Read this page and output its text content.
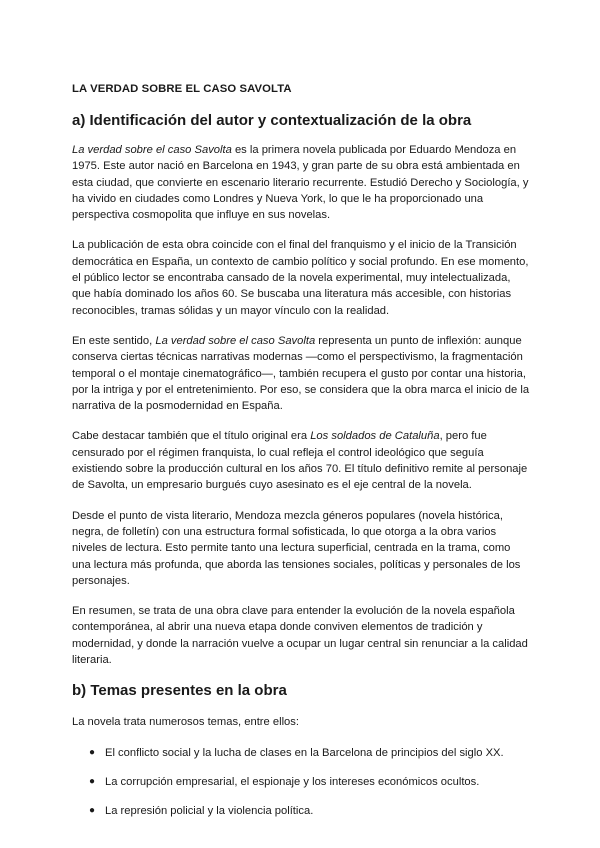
LA VERDAD SOBRE EL CASO SAVOLTA
a) Identificación del autor y contextualización de la obra

La verdad sobre el caso Savolta es la primera novela publicada por Eduardo Mendoza en 1975. Este autor nació en Barcelona en 1943, y gran parte de su obra está ambientada en esta ciudad, que convierte en escenario literario recurrente. Estudió Derecho y Sociología, y ha vivido en ciudades como Londres y Nueva York, lo que le ha proporcionado una perspectiva cosmopolita que influye en sus novelas.

La publicación de esta obra coincide con el final del franquismo y el inicio de la Transición democrática en España, un contexto de cambio político y social profundo. En ese momento, el público lector se encontraba cansado de la novela experimental, muy intelectualizada, que había dominado los años 60. Se buscaba una literatura más accesible, con historias reconocibles, tramas sólidas y un mayor vínculo con la realidad.

En este sentido, La verdad sobre el caso Savolta representa un punto de inflexión: aunque conserva ciertas técnicas narrativas modernas —como el perspectivismo, la fragmentación temporal o el montaje cinematográfico—, también recupera el gusto por contar una historia, por la intriga y por el entretenimiento. Por eso, se considera que la obra marca el inicio de la narrativa de la posmodernidad en España.

Cabe destacar también que el título original era Los soldados de Cataluña, pero fue censurado por el régimen franquista, lo cual refleja el control ideológico que seguía existiendo sobre la producción cultural en los años 70. El título definitivo remite al personaje de Savolta, un empresario burgués cuyo asesinato es el eje central de la novela.

Desde el punto de vista literario, Mendoza mezcla géneros populares (novela histórica, negra, de folletín) con una estructura formal sofisticada, lo que otorga a la obra varios niveles de lectura. Esto permite tanto una lectura superficial, centrada en la trama, como una lectura más profunda, que aborda las tensiones sociales, políticas y personales de los personajes.

En resumen, se trata de una obra clave para entender la evolución de la novela española contemporánea, al abrir una nueva etapa donde conviven elementos de tradición y modernidad, y donde la narración vuelve a ocupar un lugar central sin renunciar a la calidad literaria.

b) Temas presentes en la obra

La novela trata numerosos temas, entre ellos:

● El conflicto social y la lucha de clases en la Barcelona de principios del siglo XX.
● La corrupción empresarial, el espionaje y los intereses económicos ocultos.
● La represión policial y la violencia política.
